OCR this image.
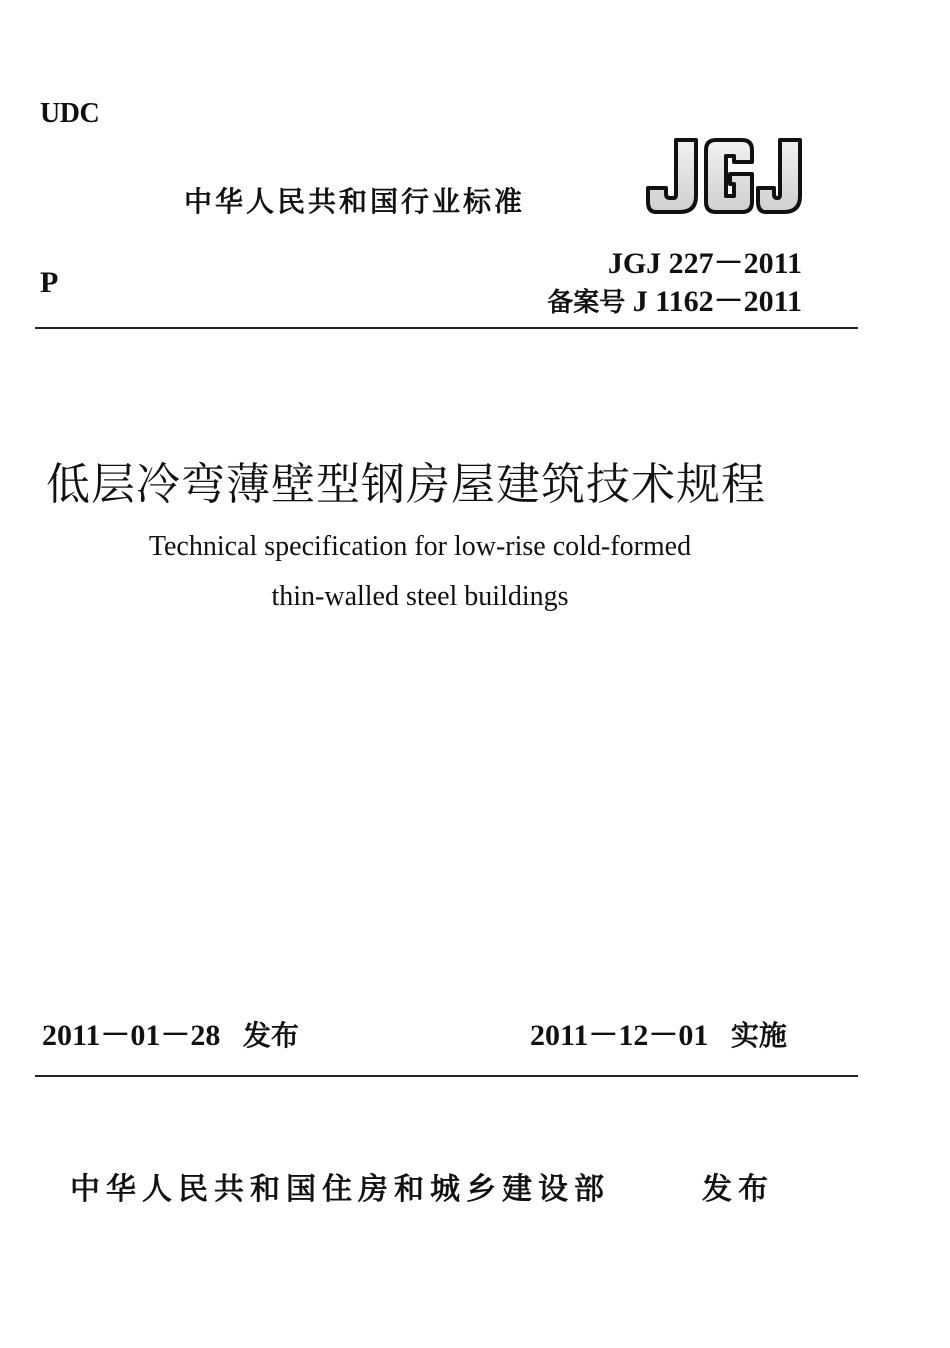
UDC
中华人民共和国行业标准
P
JGJ 227－2011
备案号 J 1162－2011
低层冷弯薄壁型钢房屋建筑技术规程
Technical specification for low-rise cold-formed
thin-walled steel buildings
2011－01－28 发布	2011－12－01 实施
中华人民共和国住房和城乡建设部	发布
